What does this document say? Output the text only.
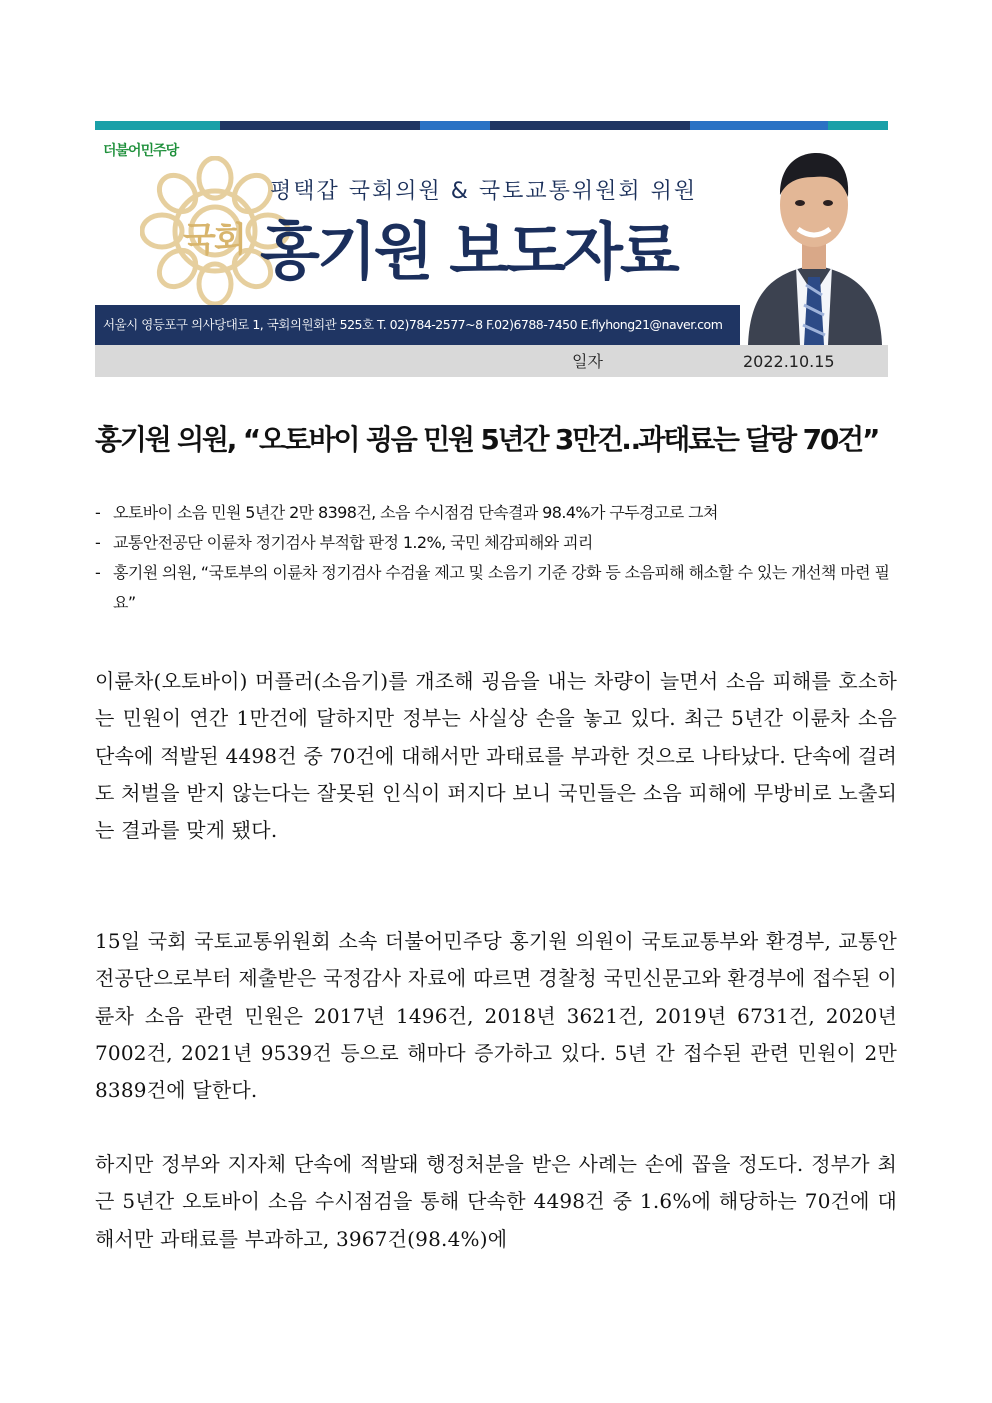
더불어민주당
국회
평택갑 국회의원 & 국토교통위원회 위원
홍기원 보도자료
서울시 영등포구 의사당대로 1, 국회의원회관 525호 T. 02)784-2577~8 F.02)6788-7450 E.flyhong21@naver.com
일자	2022.10.15
홍기원 의원, “오토바이 굉음 민원 5년간 3만건‥과태료는 달랑 70건”
- 오토바이 소음 민원 5년간 2만 8398건, 소음 수시점검 단속결과 98.4%가 구두경고로 그쳐
- 교통안전공단 이륜차 정기검사 부적합 판정 1.2%, 국민 체감피해와 괴리
- 홍기원 의원, “국토부의 이륜차 정기검사 수검율 제고 및 소음기 기준 강화 등 소음피해 해소할 수 있는 개선책 마련 필요”

이륜차(오토바이) 머플러(소음기)를 개조해 굉음을 내는 차량이 늘면서 소음 피해를 호소하는 민원이 연간 1만건에 달하지만 정부는 사실상 손을 놓고 있다. 최근 5년간 이륜차 소음 단속에 적발된 4498건 중 70건에 대해서만 과태료를 부과한 것으로 나타났다. 단속에 걸려도 처벌을 받지 않는다는 잘못된 인식이 퍼지다 보니 국민들은 소음 피해에 무방비로 노출되는 결과를 맞게 됐다.

15일 국회 국토교통위원회 소속 더불어민주당 홍기원 의원이 국토교통부와 환경부, 교통안전공단으로부터 제출받은 국정감사 자료에 따르면 경찰청 국민신문고와 환경부에 접수된 이륜차 소음 관련 민원은 2017년 1496건, 2018년 3621건, 2019년 6731건, 2020년 7002건, 2021년 9539건 등으로 해마다 증가하고 있다. 5년 간 접수된 관련 민원이 2만8389건에 달한다.

하지만 정부와 지자체 단속에 적발돼 행정처분을 받은 사례는 손에 꼽을 정도다. 정부가 최근 5년간 오토바이 소음 수시점검을 통해 단속한 4498건 중 1.6%에 해당하는 70건에 대해서만 과태료를 부과하고, 3967건(98.4%)에
